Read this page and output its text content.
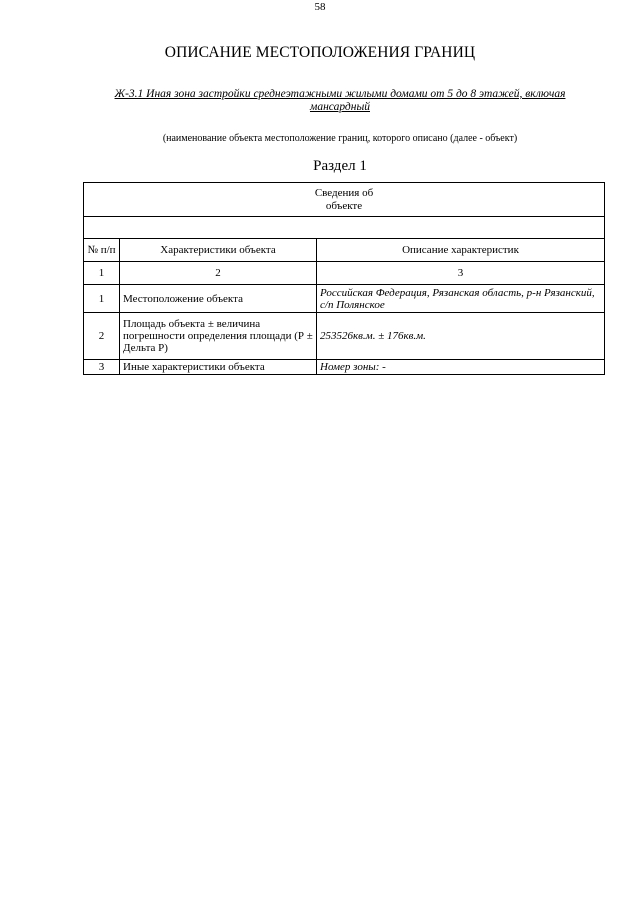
58
ОПИСАНИЕ МЕСТОПОЛОЖЕНИЯ ГРАНИЦ
Ж-3.1 Иная зона застройки среднеэтажными жилыми домами от 5 до 8 этажей, включая мансардный
(наименование объекта местоположение границ, которого описано (далее - объект)
Раздел 1
Сведения об объекте		

№ п/п	Характеристики объекта	Описание характеристик
1	2	3
1	Местоположение объекта	Российская Федерация, Рязанская область, р-н Рязанский, с/п Полянское
2	Площадь объекта ± величина погрешности определения площади (Р ± Дельта Р)	253526кв.м. ± 176кв.м.
3	Иные характеристики объекта	Номер зоны: -
